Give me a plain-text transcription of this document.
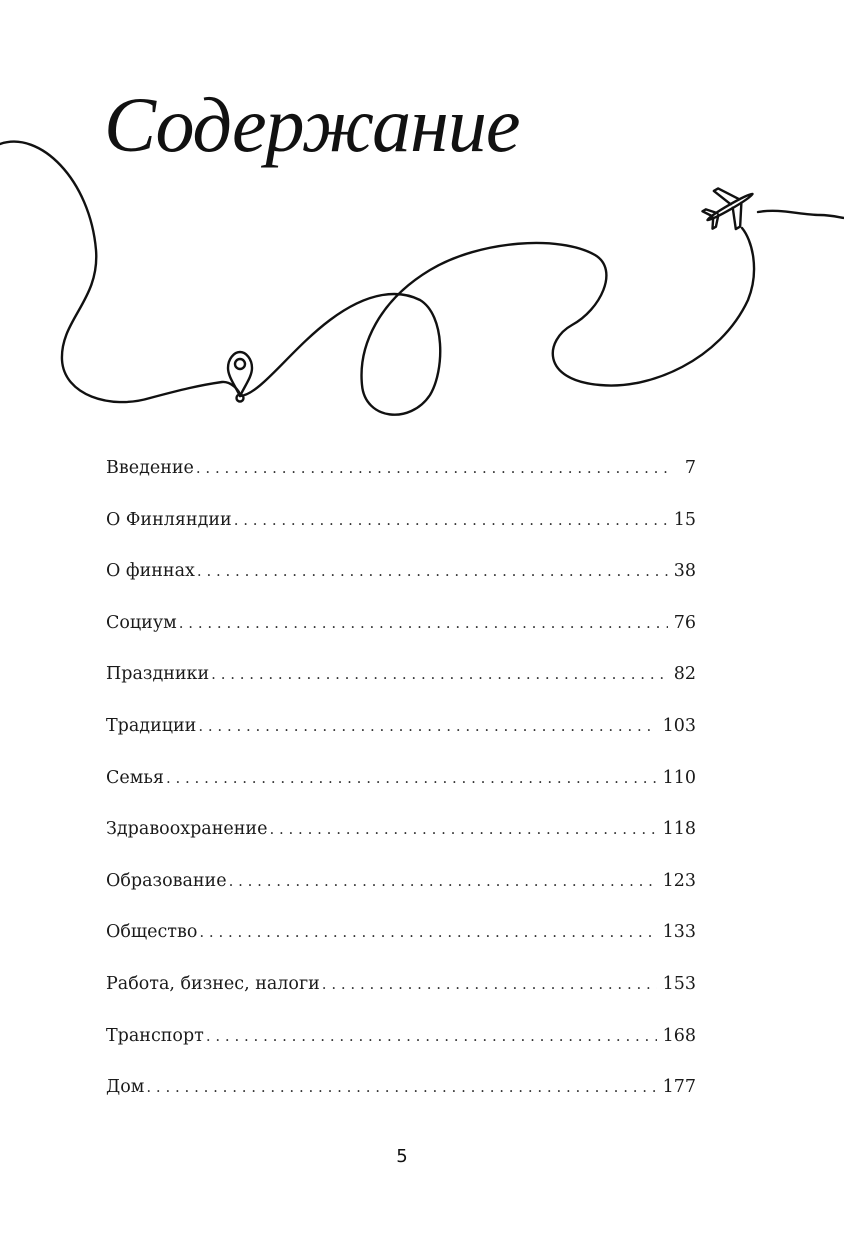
Содержание
Введение . . .	7
О Финляндии . . .	15
О финнах . . .	38
Социум . . .	76
Праздники . . .	82
Традиции . . .	103
Семья . . .	110
Здравоохранение . . .	118
Образование . . .	123
Общество . . .	133
Работа, бизнес, налоги . . .	153
Транспорт . . .	168
Дом . . .	177
5
